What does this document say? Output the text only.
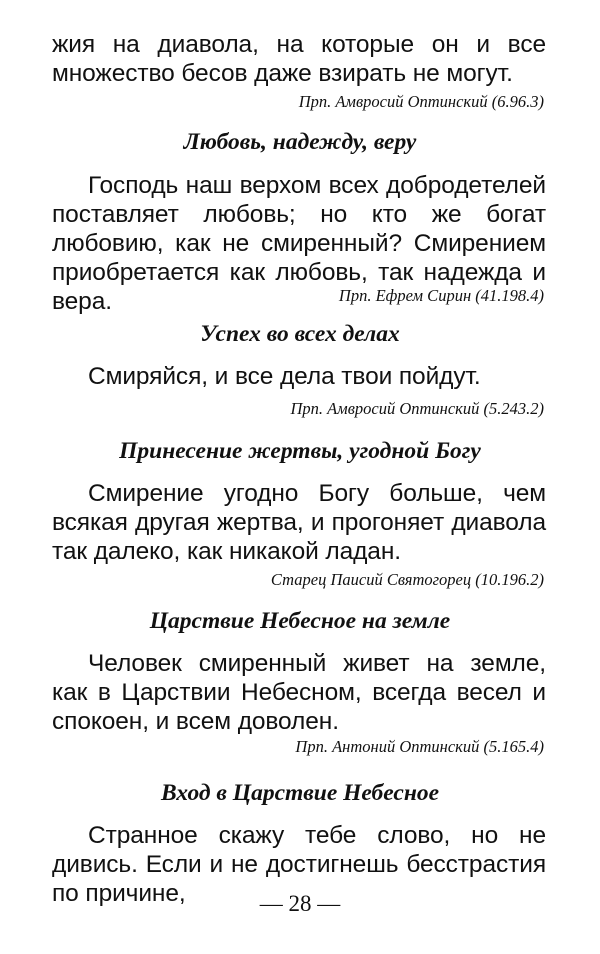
жия на диавола, на которые он и все множество бесов даже взирать не могут.
Прп. Амвросий Оптинский (6.96.3)
Любовь, надежду, веру
Господь наш верхом всех добродетелей поставляет любовь; но кто же богат любовию, как не смиренный? Смирением приобретается как любовь, так надежда и вера.	Прп. Ефрем Сирин (41.198.4)
Успех во всех делах
Смиряйся, и все дела твои пойдут.
Прп. Амвросий Оптинский (5.243.2)
Принесение жертвы, угодной Богу
Смирение угодно Богу больше, чем всякая другая жертва, и прогоняет диавола так далеко, как никакой ладан.
Старец Паисий Святогорец (10.196.2)
Царствие Небесное на земле
Человек смиренный живет на земле, как в Царствии Небесном, всегда весел и спокоен, и всем доволен.
Прп. Антоний Оптинский (5.165.4)
Вход в Царствие Небесное
Странное скажу тебе слово, но не дивись. Если и не достигнешь бесстрастия по причине,	— 28 —
